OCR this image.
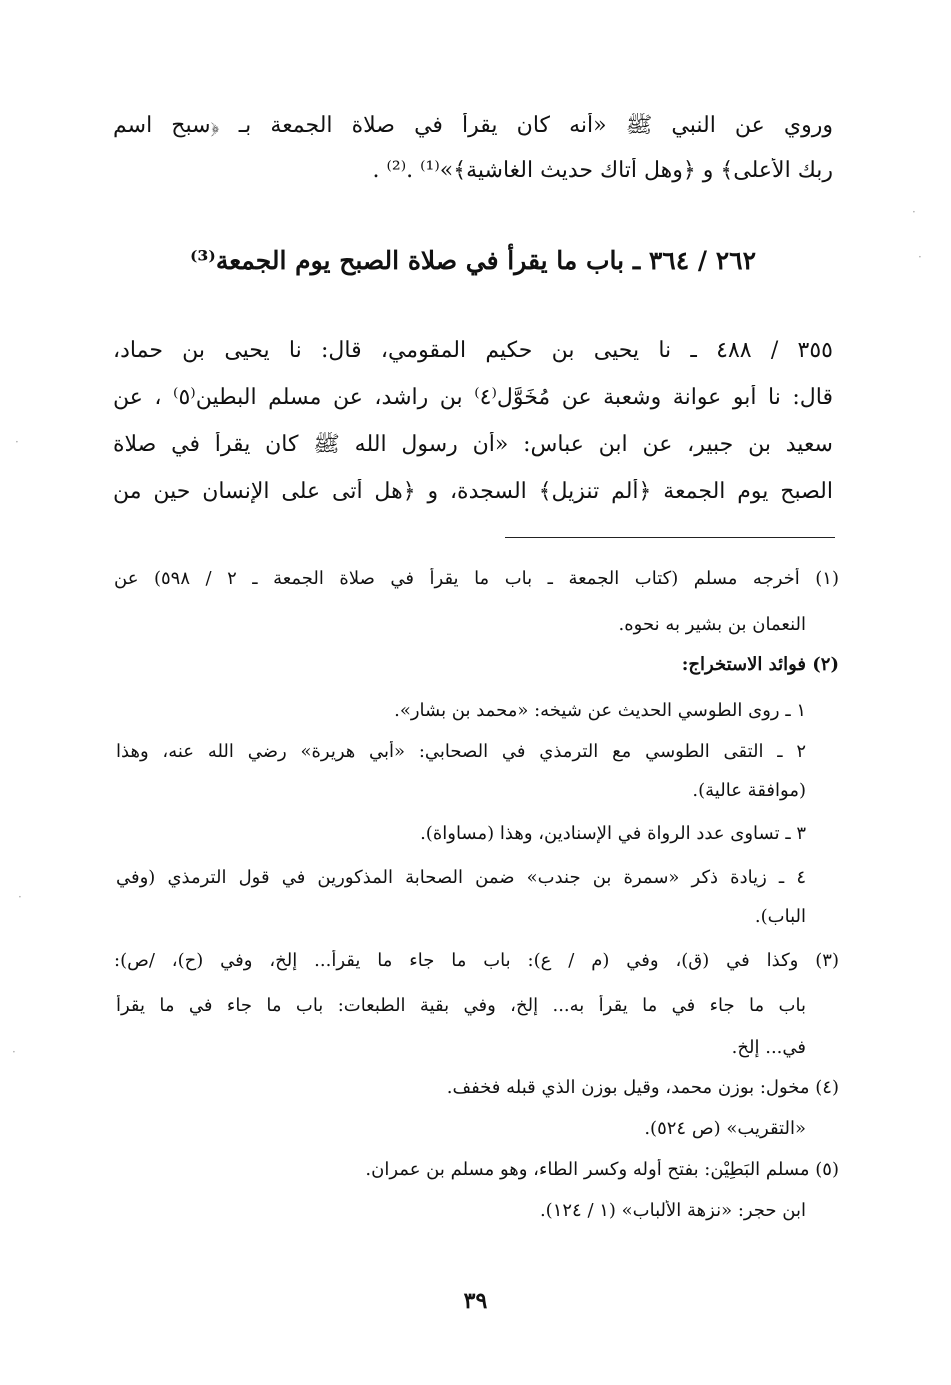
وروي عن النبي ﷺ «أنه كان يقرأ في صلاة الجمعة بـ ﴿سبح اسم
ربك الأعلى﴾ و ﴿وهل أتاك حديث الغاشية﴾»⁽¹⁾ .⁽²⁾ .
٢٦٢ / ٣٦٤ ـ باب ما يقرأ في صلاة الصبح يوم الجمعة⁽³⁾
٣٥٥ / ٤٨٨ ـ نا يحيى بن حكيم المقومي، قال: نا يحيى بن حماد،
قال: نا أبو عوانة وشعبة عن مُخَوَّل⁽٤⁾ بن راشد، عن مسلم البطين⁽٥⁾ ، عن
سعيد بن جبير، عن ابن عباس: «أن رسول الله ﷺ كان يقرأ في صلاة
الصبح يوم الجمعة ﴿ألم تنزيل﴾ السجدة، و ﴿هل أتى على الإنسان حين من
(١) أخرجه مسلم (كتاب الجمعة ـ باب ما يقرأ في صلاة الجمعة ـ ٢ / ٥٩٨) عن
النعمان بن بشير به نحوه.
(٢) فوائد الاستخراج:
١ ـ روى الطوسي الحديث عن شيخه: «محمد بن بشار».
٢ ـ التقى الطوسي مع الترمذي في الصحابي: «أبي هريرة» رضي الله عنه، وهذا
(موافقة عالية).
٣ ـ تساوى عدد الرواة في الإسنادين، وهذا (مساواة).
٤ ـ زيادة ذكر «سمرة بن جندب» ضمن الصحابة المذكورين في قول الترمذي (وفي
الباب).
(٣) وكذا في (ق)، وفي (م / ع): باب ما جاء ما يقرأ... إلخ، وفي (ح)، /ص):
باب ما جاء في ما يقرأ به... إلخ، وفي بقية الطبعات: باب ما جاء في ما يقرأ
في... إلخ.
(٤) مخول: بوزن محمد، وقيل بوزن الذي قبله فخفف.
«التقريب» (ص ٥٢٤).
(٥) مسلم البَطِيْن: بفتح أوله وكسر الطاء، وهو مسلم بن عمران.
ابن حجر: «نزهة الألباب» (١ / ١٢٤).
٣٩
·
·
·
·
·
